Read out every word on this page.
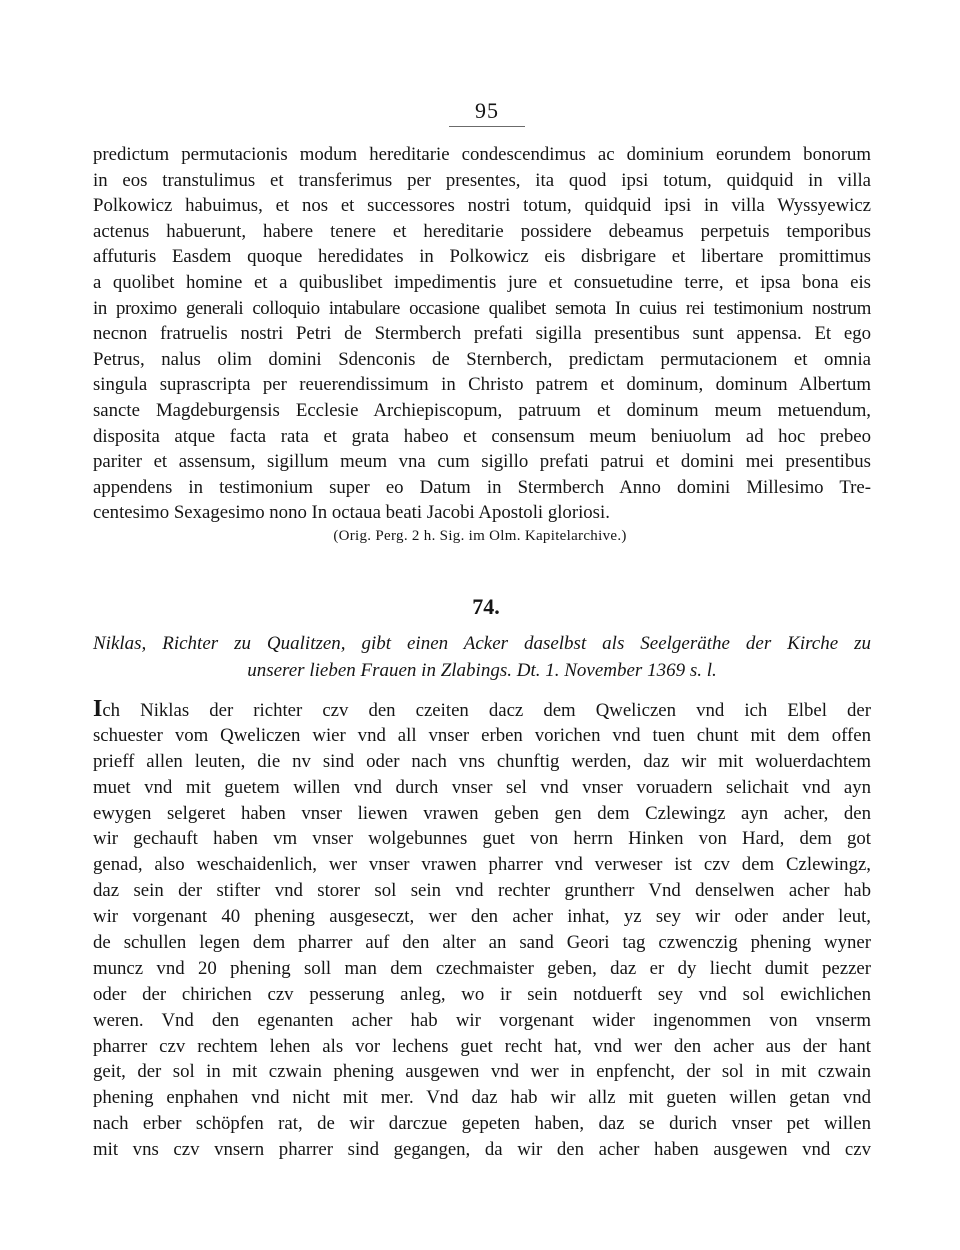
95
predictum permutacionis modum hereditarie condescendimus ac dominium eorundem bonorum
in eos transtulimus et transferimus per presentes, ita quod ipsi totum, quidquid in villa
Polkowicz habuimus, et nos et successores nostri totum, quidquid ipsi in villa Wyssyewicz
actenus habuerunt, habere tenere et hereditarie possidere debeamus perpetuis temporibus
affuturis Easdem quoque heredidates in Polkowicz eis disbrigare et libertare promittimus
a quolibet homine et a quibuslibet impedimentis jure et consuetudine terre, et ipsa bona eis
in proximo generali colloquio intabulare occasione qualibet semota In cuius rei testimonium nostrum
necnon fratruelis nostri Petri de Stermberch prefati sigilla presentibus sunt appensa. Et ego
Petrus, nalus olim domini Sdenconis de Sternberch, predictam permutacionem et omnia
singula suprascripta per reuerendissimum in Christo patrem et dominum, dominum Albertum
sancte Magdeburgensis Ecclesie Archiepiscopum, patruum et dominum meum metuendum,
disposita atque facta rata et grata habeo et consensum meum beniuolum ad hoc prebeo
pariter et assensum, sigillum meum vna cum sigillo prefati patrui et domini mei presentibus
appendens in testimonium super eo Datum in Stermberch Anno domini Millesimo Tre-
centesimo Sexagesimo nono In octaua beati Jacobi Apostoli gloriosi.
(Orig. Perg. 2 h. Sig. im Olm. Kapitelarchive.)
74.
Niklas, Richter zu Qualitzen, gibt einen Acker daselbst als Seelgeräthe der Kirche zu
unserer lieben Frauen in Zlabings. Dt. 1. November 1369 s. l.
Ich Niklas der richter czv den czeiten dacz dem Qweliczen vnd ich Elbel der
schuester vom Qweliczen wier vnd all vnser erben vorichen vnd tuen chunt mit dem offen
prieff allen leuten, die nv sind oder nach vns chunftig werden, daz wir mit woluerdachtem
muet vnd mit guetem willen vnd durch vnser sel vnd vnser voruadern selichait vnd ayn
ewygen selgeret haben vnser liewen vrawen geben gen dem Czlewingz ayn acher, den
wir gechauft haben vm vnser wolgebunnes guet von herrn Hinken von Hard, dem got
genad, also weschaidenlich, wer vnser vrawen pharrer vnd verweser ist czv dem Czlewingz,
daz sein der stifter vnd storer sol sein vnd rechter gruntherr Vnd denselwen acher hab
wir vorgenant 40 phening ausgeseczt, wer den acher inhat, yz sey wir oder ander leut,
de schullen legen dem pharrer auf den alter an sand Geori tag czwenczig phening wyner
muncz vnd 20 phening soll man dem czechmaister geben, daz er dy liecht dumit pezzer
oder der chirichen czv pesserung anleg, wo ir sein notduerft sey vnd sol ewichlichen
weren. Vnd den egenanten acher hab wir vorgenant wider ingenommen von vnserm
pharrer czv rechtem lehen als vor lechens guet recht hat, vnd wer den acher aus der hant
geit, der sol in mit czwain phening ausgewen vnd wer in enpfencht, der sol in mit czwain
phening enphahen vnd nicht mit mer. Vnd daz hab wir allz mit gueten willen getan vnd
nach erber schöpfen rat, de wir darczue gepeten haben, daz se durich vnser pet willen
mit vns czv vnsern pharrer sind gegangen, da wir den acher haben ausgewen vnd czv
